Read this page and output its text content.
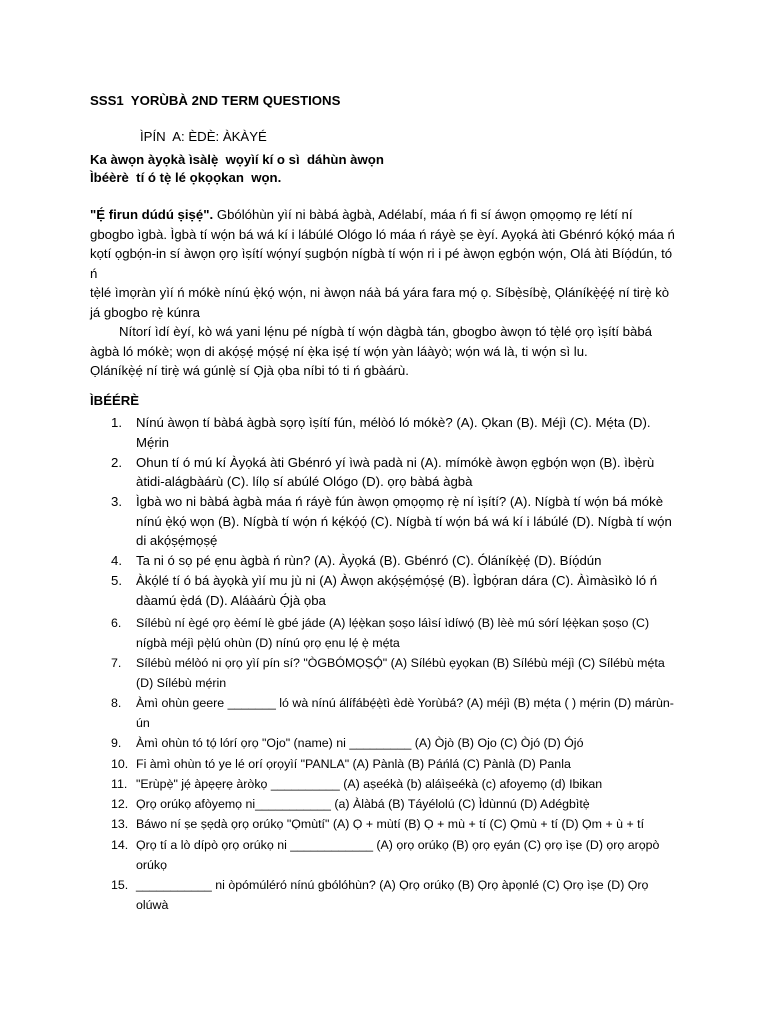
SSS1  YORÙBÀ 2ND TERM QUESTIONS
ÌPÍN  A: ÈDÈ: ÀKÀYÉ
Ka àwọn àyọkà ìsàlẹ̀  wọyìí kí o sì  dáhùn àwọn
Ìbéèrè  tí ó tẹ̀ lé ọkọọkan  wọn.

"Ẹ́ firun dúdú ṣiṣẹ́". Gbólóhùn yìí ni bàbá àgbà, Adélabí, máa ń fi sí áwọn ọmọọmọ rẹ létí ní gbogbo ìgbà. Ìgbà tí wọ́n bá wá kí i lábúlé Ológo ló máa ń ráyè ṣe èyí. Ayọká àti Gbénró kọ́kọ́ máa ń kọtí ọgbọ́n-in sí àwọn ọrọ ìṣítí wọ́nyí ṣugbọ́n nígbà tí wọ́n ri i pé àwọn ẹgbọ́n wọ́n, Olá àti Bíọ́dún, tó ń
tẹ̀lé ìmọràn yìí ń mókè nínú ẹ̀kọ́ wọ́n, ni àwọn náà bá yára fara mọ́ ọ. Síbẹ̀síbẹ̀, Ọláníkẹ̀ẹ́ẹ́ ní tirẹ̀ kò já gbogbo rẹ̀ kúnra

Nítorí ìdí èyí, kò wá yani lẹ́nu pé nígbà tí wọ́n dàgbà tán, gbogbo àwọn tó tẹ̀lé ọrọ ìṣítí bàbá àgbà ló mókè; wọn di akọ́ṣẹ́ mọ́ṣẹ́ ní ẹ̀ka iṣẹ́ tí wọ́n yàn láàyò; wọ́n wá là, ti wọ́n sì lu.

Ọláníkẹ̀ẹ́ ní tirẹ̀ wá gúnlẹ̀ sí Ọjà ọba níbi tó ti ń gbàárù.

ÌBÉÉRÈ
1. Nínú àwọn tí bàbá àgbà sọrọ ìṣítí fún, mélòó ló mókè? (A). Ọkan (B). Méjì (C). Mẹ́ta (D). Mẹ́rin
2. Ohun tí ó mú kí Àyọká àti Gbénró yí ìwà padà ni (A). mímókè àwọn ẹgbọ́n wọn (B). ìbẹ̀rù àtidi-alágbàárù (C). lílọ sí abúlé Ológo (D). ọrọ bàbá àgbà
3. Ìgbà wo ni bàbá àgbà máa ń ráyè fún àwọn ọmọọmọ rẹ̀ ní ìṣítí? (A). Nígbà tí wọ́n bá mókè nínú ẹ̀kọ́ wọn (B). Nígbà tí wọ́n ń kẹ́kọ́ọ́ (C). Nígbà tí wọ́n bá wá kí i lábúlé (D). Nígbà tí wọ́n di akọ́ṣẹ́mọṣẹ́
4. Ta ni ó sọ pé ẹnu àgbà ń rùn? (A). Àyọká (B). Gbénró (C). Óláníkẹ̀ẹ́ (D). Bíọ́dún
5. Àkọ́lé tí ó bá àyọkà yìí mu jù ni (A) Àwọn akọ́ṣẹ́mọ́ṣẹ́ (B). Ìgbọ́ran dára (C). Àìmàsìkò ló ń dàamú ẹ̀dá (D). Aláàárù Ọ́jà ọba
6. Sílébù ní ègé ọrọ èémí lè gbé jáde (A) lẹ́ẹ̀kan ṣoṣo láìsí ìdíwọ́ (B) lèè mú sórí lẹ́ẹ̀kan ṣoṣo (C) nígbà méjì pẹ̀lú ohùn (D) nínú ọrọ ẹnu lẹ́ ẹ̀ mẹ́ta
7. Sílébù mélòó ni ọrọ yìí pín sí? "ÒGBÓMỌṢỌ́" (A) Sílébù ẹyọkan (B) Sílébù méjì (C) Sílébù mẹ́ta (D) Sílébù mẹ́rin
8. Àmì ohùn geere _______ ló wà nínú álífábẹ́ẹ̀tì èdè Yorùbá? (A) méjì (B) mẹ́ta ( ) mẹ́rin (D) márùn-ún
9. Àmì ohùn tó tọ́ lórí ọrọ "Ojo" (name) ni _________ (A) Òjò (B) Ojo (C) Òjó (D) Ójó
10. Fi àmì ohùn tó ye lé orí ọrọyìí "PANLA" (A) Pànlà (B) Páńlá (C) Pànlà (D) Panla
11. "Erùpẹ̀" jẹ́ àpẹẹrẹ àròkọ __________ (A) aṣeékà (b) aláìṣeékà (c) afoyemọ (d) Ibikan
12. Ọrọ orúkọ afòyemọ ni___________ (a) Àlàbá (B) Táyélolú (C) Ìdùnnú (D) Adégbìtẹ̀
13. Báwo ní ṣe ṣẹdà ọrọ orúkọ "Ọmùtí" (A) Ọ + mùtí (B) Ọ + mù + tí (C) Ọmù + tí (D) Ọm + ù + tí
14. Ọrọ tí a lò dípò ọrọ orúkọ ni ____________ (A) ọrọ orúkọ (B) ọrọ ẹyán (C) ọrọ ìṣe (D) ọrọ arọpò orúkọ
15. ___________ ni òpómúléró nínú gbólóhùn? (A) Ọrọ orúkọ (B) Ọrọ àpọnlé (C) Ọrọ ìṣe (D) Ọrọ olúwà
